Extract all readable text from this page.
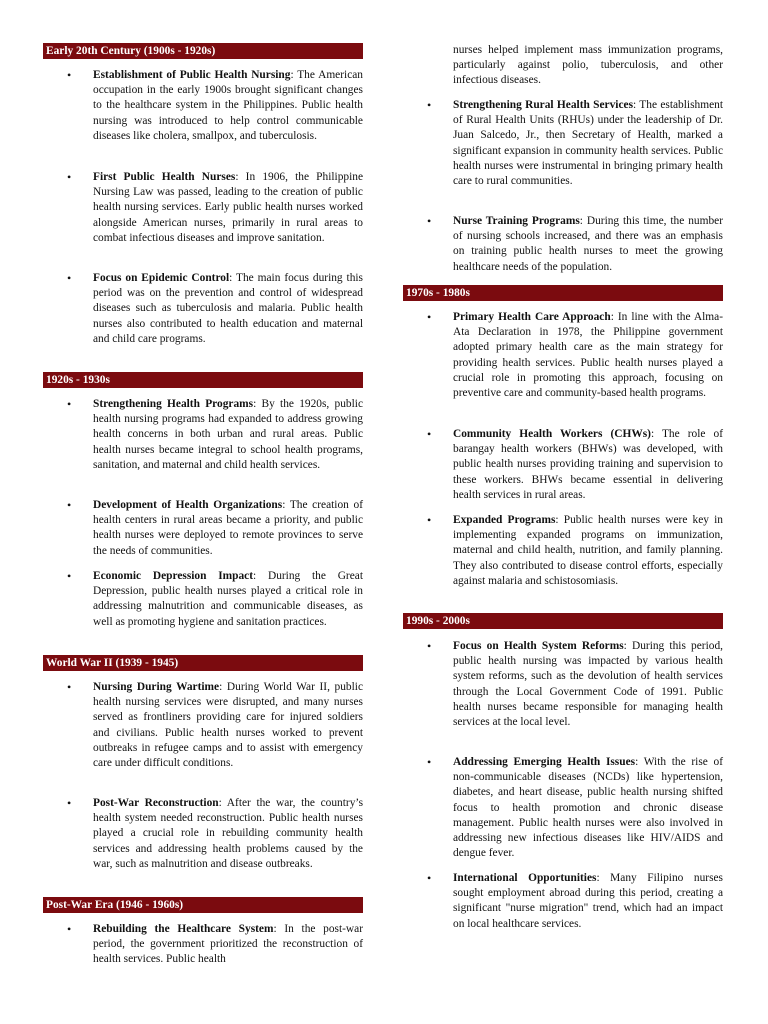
Early 20th Century (1900s - 1920s)
• Establishment of Public Health Nursing: The American occupation in the early 1900s brought significant changes to the healthcare system in the Philippines. Public health nursing was introduced to help control communicable diseases like cholera, smallpox, and tuberculosis.
• First Public Health Nurses: In 1906, the Philippine Nursing Law was passed, leading to the creation of public health nursing services. Early public health nurses worked alongside American nurses, primarily in rural areas to combat infectious diseases and improve sanitation.
• Focus on Epidemic Control: The main focus during this period was on the prevention and control of widespread diseases such as tuberculosis and malaria. Public health nurses also contributed to health education and maternal and child care programs.
1920s - 1930s
• Strengthening Health Programs: By the 1920s, public health nursing programs had expanded to address growing health concerns in both urban and rural areas. Public health nurses became integral to school health programs, sanitation, and maternal and child health services.
• Development of Health Organizations: The creation of health centers in rural areas became a priority, and public health nurses were deployed to remote provinces to serve the needs of communities.
• Economic Depression Impact: During the Great Depression, public health nurses played a critical role in addressing malnutrition and communicable diseases, as well as promoting hygiene and sanitation practices.
World War II (1939 - 1945)
• Nursing During Wartime: During World War II, public health nursing services were disrupted, and many nurses served as frontliners providing care for injured soldiers and civilians. Public health nurses worked to prevent outbreaks in refugee camps and to assist with emergency care under difficult conditions.
• Post-War Reconstruction: After the war, the country’s health system needed reconstruction. Public health nurses played a crucial role in rebuilding community health services and addressing health problems caused by the war, such as malnutrition and disease outbreaks.
Post-War Era (1946 - 1960s)
• Rebuilding the Healthcare System: In the post-war period, the government prioritized the reconstruction of health services. Public health
nurses helped implement mass immunization programs, particularly against polio, tuberculosis, and other infectious diseases.
• Strengthening Rural Health Services: The establishment of Rural Health Units (RHUs) under the leadership of Dr. Juan Salcedo, Jr., then Secretary of Health, marked a significant expansion in community health services. Public health nurses were instrumental in bringing primary health care to rural communities.
• Nurse Training Programs: During this time, the number of nursing schools increased, and there was an emphasis on training public health nurses to meet the growing healthcare needs of the population.
1970s - 1980s
• Primary Health Care Approach: In line with the Alma-Ata Declaration in 1978, the Philippine government adopted primary health care as the main strategy for providing health services. Public health nurses played a crucial role in promoting this approach, focusing on preventive care and community-based health programs.
• Community Health Workers (CHWs): The role of barangay health workers (BHWs) was developed, with public health nurses providing training and supervision to these workers. BHWs became essential in delivering health services in rural areas.
• Expanded Programs: Public health nurses were key in implementing expanded programs on immunization, maternal and child health, nutrition, and family planning. They also contributed to disease control efforts, especially against malaria and schistosomiasis.
1990s - 2000s
• Focus on Health System Reforms: During this period, public health nursing was impacted by various health system reforms, such as the devolution of health services through the Local Government Code of 1991. Public health nurses became responsible for managing health services at the local level.
• Addressing Emerging Health Issues: With the rise of non-communicable diseases (NCDs) like hypertension, diabetes, and heart disease, public health nursing shifted focus to health promotion and chronic disease management. Public health nurses were also involved in addressing new infectious diseases like HIV/AIDS and dengue fever.
• International Opportunities: Many Filipino nurses sought employment abroad during this period, creating a significant "nurse migration" trend, which had an impact on local healthcare services.
